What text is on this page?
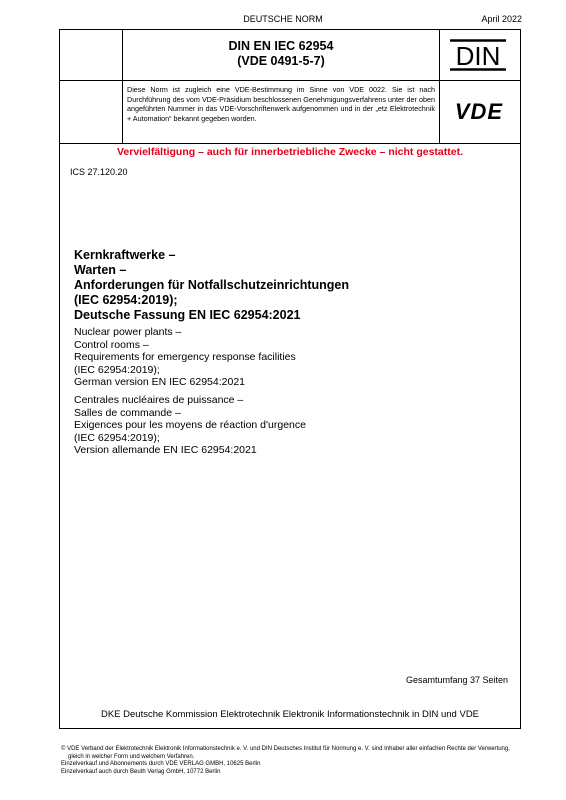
DEUTSCHE NORM	April 2022
DIN EN IEC 62954
(VDE 0491-5-7)	DIN
VDE
Diese Norm ist zugleich eine VDE-Bestimmung im Sinne von VDE 0022. Sie ist nach Durchführung des vom VDE-Präsidium beschlossenen Genehmigungsverfahrens unter der oben angeführten Nummer in das VDE-Vorschriftenwerk aufgenommen und in der „etz Elektrotechnik + Automation“ bekannt gegeben worden.
Vervielfältigung – auch für innerbetriebliche Zwecke – nicht gestattet.
ICS 27.120.20
Kernkraftwerke –
Warten –
Anforderungen für Notfallschutzeinrichtungen
(IEC 62954:2019);
Deutsche Fassung EN IEC 62954:2021
Nuclear power plants –
Control rooms –
Requirements for emergency response facilities
(IEC 62954:2019);
German version EN IEC 62954:2021
Centrales nucléaires de puissance –
Salles de commande –
Exigences pour les moyens de réaction d'urgence
(IEC 62954:2019);
Version allemande EN IEC 62954:2021
Gesamtumfang 37 Seiten
DKE Deutsche Kommission Elektrotechnik Elektronik Informationstechnik in DIN und VDE
© VDE Verband der Elektrotechnik Elektronik Informationstechnik e. V. und DIN Deutsches Institut für Normung e. V. sind Inhaber aller einfachen Rechte der Verwertung,
gleich in welcher Form und welchem Verfahren.
Einzelverkauf und Abonnements durch VDE VERLAG GMBH, 10625 Berlin
Einzelverkauf auch durch Beuth Verlag GmbH, 10772 Berlin
